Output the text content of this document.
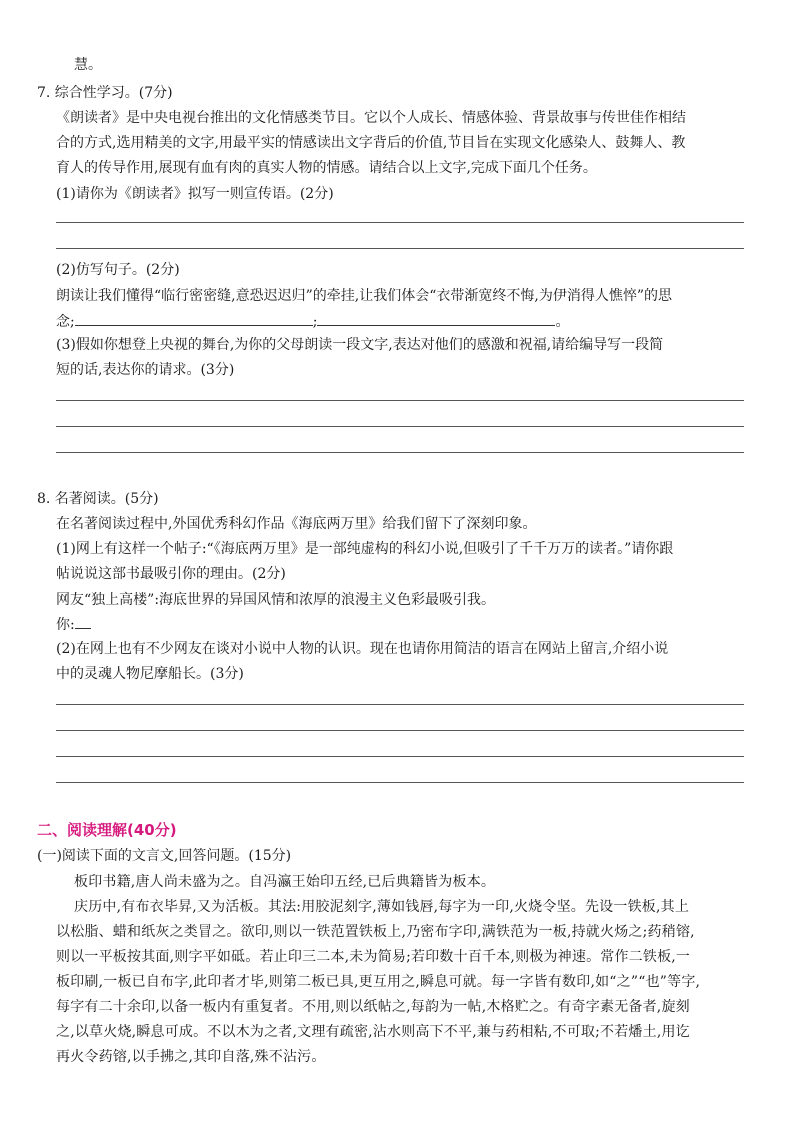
慧。
7. 综合性学习。(7分)
《朗读者》是中央电视台推出的文化情感类节目。它以个人成长、情感体验、背景故事与传世佳作相结
合的方式,选用精美的文字,用最平实的情感读出文字背后的价值,节目旨在实现文化感染人、鼓舞人、教
育人的传导作用,展现有血有肉的真实人物的情感。请结合以上文字,完成下面几个任务。
(1)请你为《朗读者》拟写一则宣传语。(2分)
(2)仿写句子。(2分)
朗读让我们懂得“临行密密缝,意恐迟迟归”的牵挂,让我们体会“衣带渐宽终不悔,为伊消得人憔悴”的思
念;	;	。
(3)假如你想登上央视的舞台,为你的父母朗读一段文字,表达对他们的感激和祝福,请给编导写一段简
短的话,表达你的请求。(3分)
8. 名著阅读。(5分)
在名著阅读过程中,外国优秀科幻作品《海底两万里》给我们留下了深刻印象。
(1)网上有这样一个帖子:“《海底两万里》是一部纯虚构的科幻小说,但吸引了千千万万的读者。”请你跟
帖说说这部书最吸引你的理由。(2分)
网友“独上高楼”:海底世界的异国风情和浓厚的浪漫主义色彩最吸引我。
你:
(2)在网上也有不少网友在谈对小说中人物的认识。现在也请你用简洁的语言在网站上留言,介绍小说
中的灵魂人物尼摩船长。(3分)
二、阅读理解(40分)
(一)阅读下面的文言文,回答问题。(15分)
板印书籍,唐人尚未盛为之。自冯瀛王始印五经,已后典籍皆为板本。
庆历中,有布衣毕昇,又为活板。其法:用胶泥刻字,薄如钱唇,每字为一印,火烧令坚。先设一铁板,其上
以松脂、蜡和纸灰之类冒之。欲印,则以一铁范置铁板上,乃密布字印,满铁范为一板,持就火炀之;药稍镕,
则以一平板按其面,则字平如砥。若止印三二本,未为简易;若印数十百千本,则极为神速。常作二铁板,一
板印刷,一板已自布字,此印者才毕,则第二板已具,更互用之,瞬息可就。每一字皆有数印,如“之”“也”等字,
每字有二十余印,以备一板内有重复者。不用,则以纸帖之,每韵为一帖,木格贮之。有奇字素无备者,旋刻
之,以草火烧,瞬息可成。不以木为之者,文理有疏密,沾水则高下不平,兼与药相粘,不可取;不若燔土,用讫
再火令药镕,以手拂之,其印自落,殊不沾污。
